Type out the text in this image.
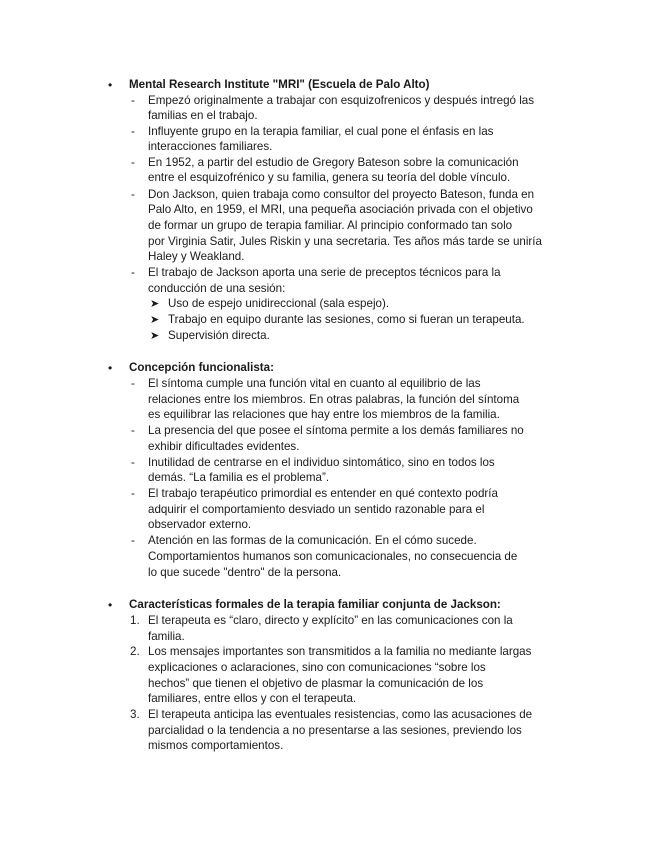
• Mental Research Institute "MRI" (Escuela de Palo Alto)
- Empezó originalmente a trabajar con esquizofrenicos y después intregó las
familias en el trabajo.
- Influyente grupo en la terapia familiar, el cual pone el énfasis en las
interacciones familiares.
- En 1952, a partir del estudio de Gregory Bateson sobre la comunicación
entre el esquizofrénico y su familia, genera su teoría del doble vínculo.
- Don Jackson, quien trabaja como consultor del proyecto Bateson, funda en
Palo Alto, en 1959, el MRI, una pequeña asociación privada con el objetivo
de formar un grupo de terapia familiar. Al principio conformado tan solo
por Virginia Satir, Jules Riskin y una secretaria. Tes años más tarde se uniría
Haley y Weakland.
- El trabajo de Jackson aporta una serie de preceptos técnicos para la
conducción de una sesión:
➤ Uso de espejo unidireccional (sala espejo).
➤ Trabajo en equipo durante las sesiones, como si fueran un terapeuta.
➤ Supervisión directa.
• Concepción funcionalista:
- El síntoma cumple una función vital en cuanto al equilibrio de las
relaciones entre los miembros. En otras palabras, la función del síntoma
es equilibrar las relaciones que hay entre los miembros de la familia.
- La presencia del que posee el síntoma permite a los demás familiares no
exhibir dificultades evidentes.
- Inutilidad de centrarse en el individuo sintomático, sino en todos los
demás. “La familia es el problema”.
- El trabajo terapéutico primordial es entender en qué contexto podría
adquirir el comportamiento desviado un sentido razonable para el
observador externo.
- Atención en las formas de la comunicación. En el cómo sucede.
Comportamientos humanos son comunicacionales, no consecuencia de
lo que sucede "dentro" de la persona.
• Características formales de la terapia familiar conjunta de Jackson:
1. El terapeuta es “claro, directo y explícito” en las comunicaciones con la
familia.
2. Los mensajes importantes son transmitidos a la familia no mediante largas
explicaciones o aclaraciones, sino con comunicaciones “sobre los
hechos” que tienen el objetivo de plasmar la comunicación de los
familiares, entre ellos y con el terapeuta.
3. El terapeuta anticipa las eventuales resistencias, como las acusaciones de
parcialidad o la tendencia a no presentarse a las sesiones, previendo los
mismos comportamientos.
